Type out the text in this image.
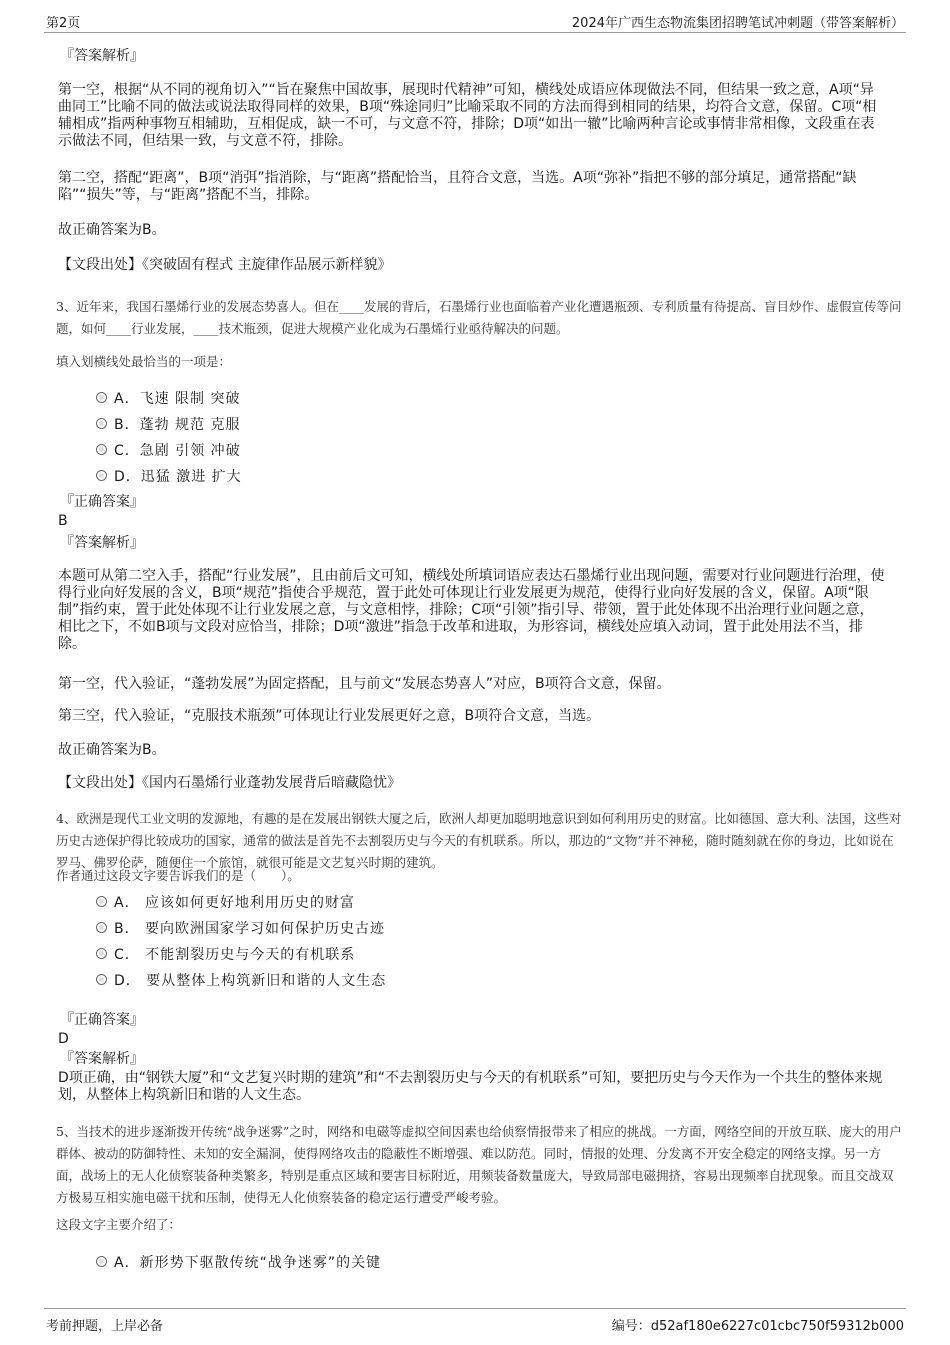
第2页	2024年广西生态物流集团招聘笔试冲刺题（带答案解析）
『答案解析』
第一空，根据“从不同的视角切入”“旨在聚焦中国故事，展现时代精神”可知，横线处成语应体现做法不同，但结果一致之意，A项“异曲同工”比喻不同的做法或说法取得同样的效果，B项“殊途同归”比喻采取不同的方法而得到相同的结果，均符合文意，保留。C项“相辅相成”指两种事物互相辅助，互相促成，缺一不可，与文意不符，排除；D项“如出一辙”比喻两种言论或事情非常相像，文段重在表示做法不同，但结果一致，与文意不符，排除。
第二空，搭配“距离”，B项“消弭”指消除，与“距离”搭配恰当，且符合文意，当选。A项“弥补”指把不够的部分填足，通常搭配“缺陷”“损失”等，与“距离”搭配不当，排除。
故正确答案为B。
【文段出处】《突破固有程式 主旋律作品展示新样貌》
3、近年来，我国石墨烯行业的发展态势喜人。但在____发展的背后，石墨烯行业也面临着产业化遭遇瓶颈、专利质量有待提高、盲目炒作、虚假宣传等问题，如何____行业发展，____技术瓶颈，促进大规模产业化成为石墨烯行业亟待解决的问题。
填入划横线处最恰当的一项是：
A．飞速 限制 突破
B．蓬勃 规范 克服
C．急剧 引领 冲破
D．迅猛 激进 扩大
『正确答案』
B
『答案解析』
本题可从第二空入手，搭配“行业发展”，且由前后文可知，横线处所填词语应表达石墨烯行业出现问题，需要对行业问题进行治理，使得行业向好发展的含义，B项“规范”指使合乎规范，置于此处可体现让行业发展更为规范，使得行业向好发展的含义，保留。A项“限制”指约束，置于此处体现不让行业发展之意，与文意相悖，排除；C项“引领”指引导、带领，置于此处体现不出治理行业问题之意，相比之下，不如B项与文段对应恰当，排除；D项“激进”指急于改革和进取，为形容词，横线处应填入动词，置于此处用法不当，排除。
第一空，代入验证，“蓬勃发展”为固定搭配，且与前文“发展态势喜人”对应，B项符合文意，保留。
第三空，代入验证，“克服技术瓶颈”可体现让行业发展更好之意，B项符合文意，当选。
故正确答案为B。
【文段出处】《国内石墨烯行业蓬勃发展背后暗藏隐忧》
4、欧洲是现代工业文明的发源地，有趣的是在发展出钢铁大厦之后，欧洲人却更加聪明地意识到如何利用历史的财富。比如德国、意大利、法国，这些对历史古迹保护得比较成功的国家，通常的做法是首先不去割裂历史与今天的有机联系。所以，那边的“文物”并不神秘，随时随刻就在你的身边，比如说在罗马、佛罗伦萨，随便住一个旅馆，就很可能是文艺复兴时期的建筑。
作者通过这段文字要告诉我们的是（　　）。
A． 应该如何更好地利用历史的财富
B． 要向欧洲国家学习如何保护历史古迹
C． 不能割裂历史与今天的有机联系
D． 要从整体上构筑新旧和谐的人文生态
『正确答案』
D
『答案解析』
D项正确，由“钢铁大厦”和“文艺复兴时期的建筑”和“不去割裂历史与今天的有机联系”可知，要把历史与今天作为一个共生的整体来规划，从整体上构筑新旧和谐的人文生态。
5、当技术的进步逐渐拨开传统“战争迷雾”之时，网络和电磁等虚拟空间因素也给侦察情报带来了相应的挑战。一方面，网络空间的开放互联、庞大的用户群体、被动的防御特性、未知的安全漏洞，使得网络攻击的隐蔽性不断增强、难以防范。同时，情报的处理、分发离不开安全稳定的网络支撑。另一方面，战场上的无人化侦察装备种类繁多，特别是重点区域和要害目标附近，用频装备数量庞大，导致局部电磁拥挤，容易出现频率自扰现象。而且交战双方极易互相实施电磁干扰和压制，使得无人化侦察装备的稳定运行遭受严峻考验。
这段文字主要介绍了：
A．新形势下驱散传统“战争迷雾”的关键
考前押题，上岸必备	编号：d52af180e6227c01cbc750f59312b000
